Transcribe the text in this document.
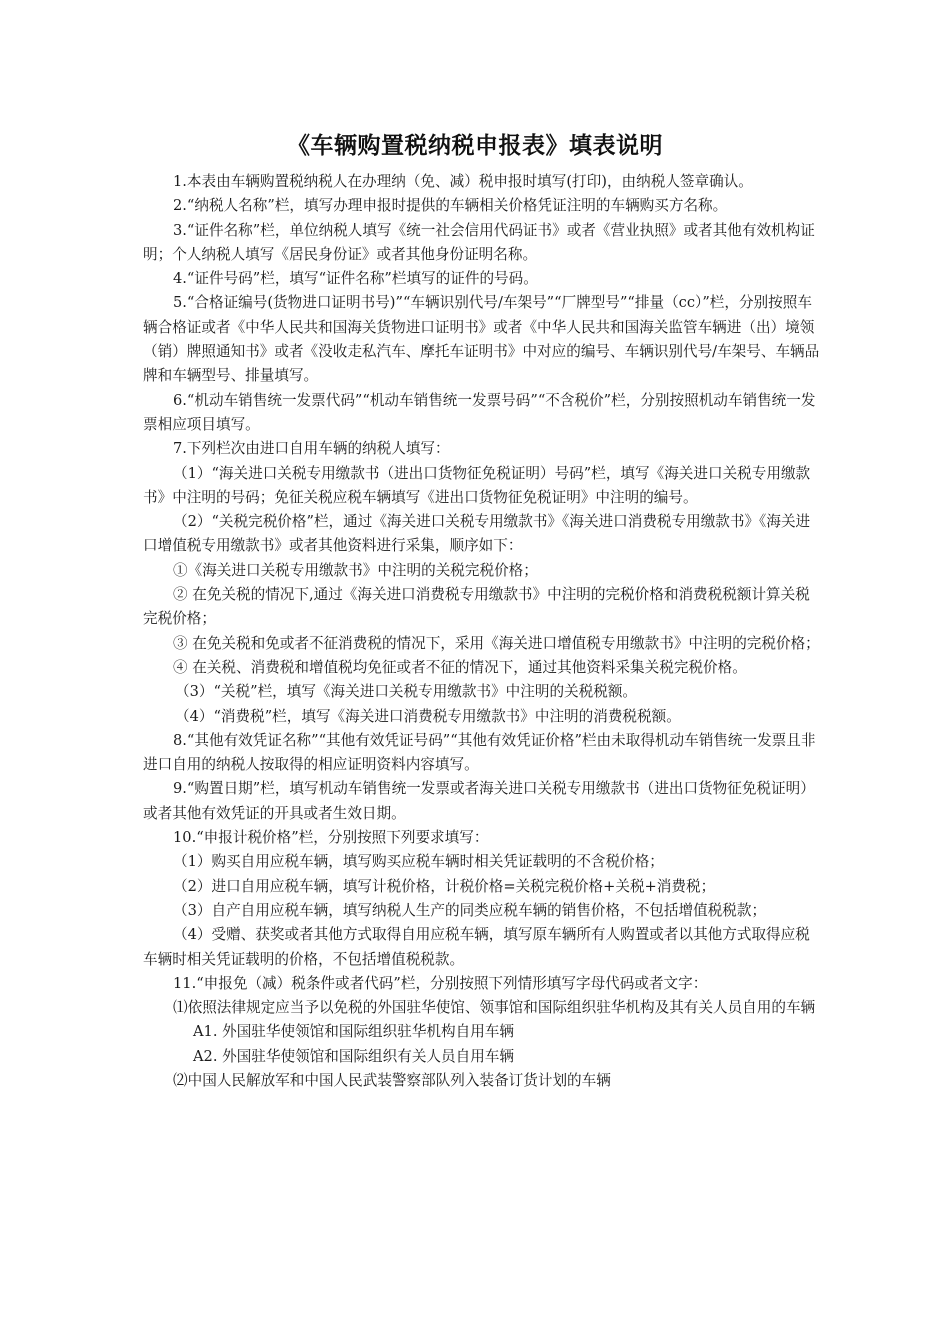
《车辆购置税纳税申报表》填表说明

1.本表由车辆购置税纳税人在办理纳（免、减）税申报时填写(打印)，由纳税人签章确认。

2.“纳税人名称”栏，填写办理申报时提供的车辆相关价格凭证注明的车辆购买方名称。

3.“证件名称”栏，单位纳税人填写《统一社会信用代码证书》或者《营业执照》或者其他有效机构证明；个人纳税人填写《居民身份证》或者其他身份证明名称。

4.“证件号码”栏，填写“证件名称”栏填写的证件的号码。

5.“合格证编号(货物进口证明书号)”“车辆识别代号/车架号”“厂牌型号”“排量（cc）”栏，分别按照车辆合格证或者《中华人民共和国海关货物进口证明书》或者《中华人民共和国海关监管车辆进（出）境领（销）牌照通知书》或者《没收走私汽车、摩托车证明书》中对应的编号、车辆识别代号/车架号、车辆品牌和车辆型号、排量填写。

6.“机动车销售统一发票代码”“机动车销售统一发票号码”“不含税价”栏，分别按照机动车销售统一发票相应项目填写。

7.下列栏次由进口自用车辆的纳税人填写：

（1）“海关进口关税专用缴款书（进出口货物征免税证明）号码”栏，填写《海关进口关税专用缴款书》中注明的号码；免征关税应税车辆填写《进出口货物征免税证明》中注明的编号。

（2）“关税完税价格”栏，通过《海关进口关税专用缴款书》《海关进口消费税专用缴款书》《海关进口增值税专用缴款书》或者其他资料进行采集，顺序如下：

①《海关进口关税专用缴款书》中注明的关税完税价格；

② 在免关税的情况下,通过《海关进口消费税专用缴款书》中注明的完税价格和消费税税额计算关税完税价格；

③ 在免关税和免或者不征消费税的情况下，采用《海关进口增值税专用缴款书》中注明的完税价格；

④ 在关税、消费税和增值税均免征或者不征的情况下，通过其他资料采集关税完税价格。

（3）“关税”栏，填写《海关进口关税专用缴款书》中注明的关税税额。

（4）“消费税”栏，填写《海关进口消费税专用缴款书》中注明的消费税税额。

8.“其他有效凭证名称”“其他有效凭证号码”“其他有效凭证价格”栏由未取得机动车销售统一发票且非进口自用的纳税人按取得的相应证明资料内容填写。

9.“购置日期”栏，填写机动车销售统一发票或者海关进口关税专用缴款书（进出口货物征免税证明）或者其他有效凭证的开具或者生效日期。

10.“申报计税价格”栏，分别按照下列要求填写：

（1）购买自用应税车辆，填写购买应税车辆时相关凭证载明的不含税价格；

（2）进口自用应税车辆，填写计税价格，计税价格=关税完税价格+关税+消费税；

（3）自产自用应税车辆，填写纳税人生产的同类应税车辆的销售价格，不包括增值税税款；

（4）受赠、获奖或者其他方式取得自用应税车辆，填写原车辆所有人购置或者以其他方式取得应税车辆时相关凭证载明的价格，不包括增值税税款。

11.“申报免（减）税条件或者代码”栏，分别按照下列情形填写字母代码或者文字：

⑴依照法律规定应当予以免税的外国驻华使馆、领事馆和国际组织驻华机构及其有关人员自用的车辆

A1. 外国驻华使领馆和国际组织驻华机构自用车辆

A2. 外国驻华使领馆和国际组织有关人员自用车辆

⑵中国人民解放军和中国人民武装警察部队列入装备订货计划的车辆
